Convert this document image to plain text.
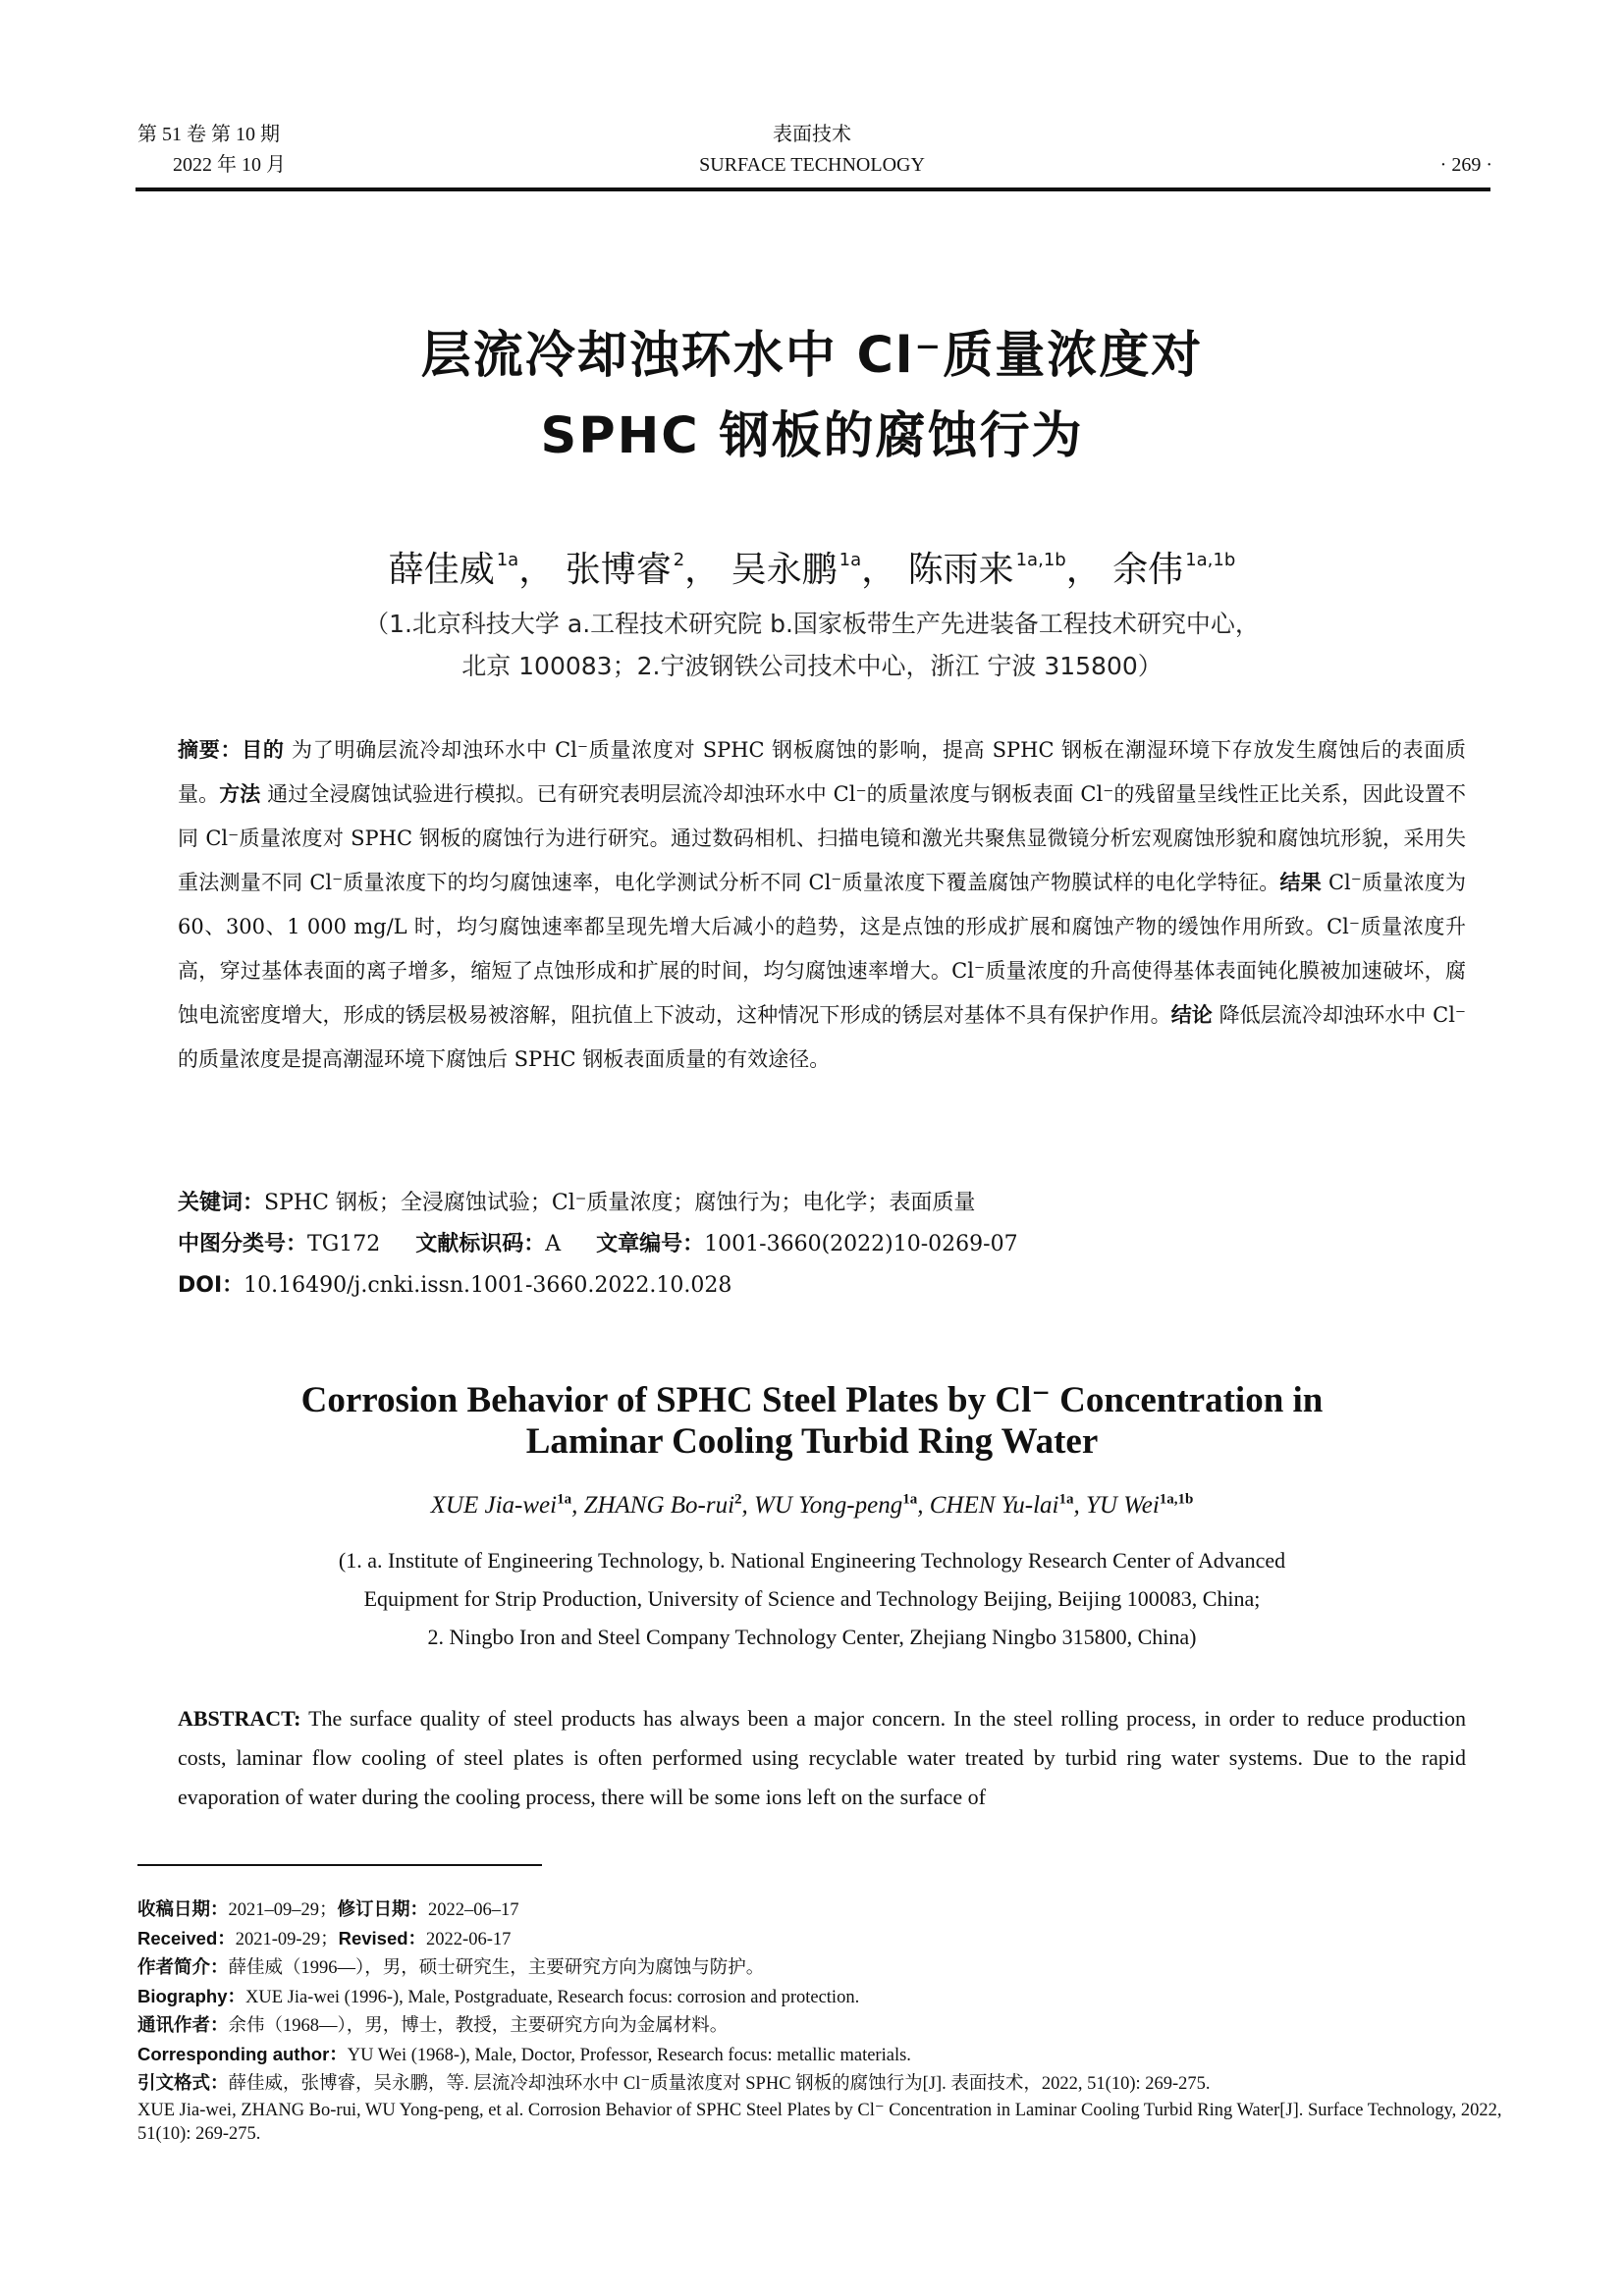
第 51 卷 第 10 期
2022 年 10 月
表面技术
SURFACE TECHNOLOGY	· 269 ·
层流冷却浊环水中 Cl⁻质量浓度对
SPHC 钢板的腐蚀行为
薛佳威 $^{1a}$， 张博睿 $^2$， 吴永鹏 $^{1a}$， 陈雨来 $^{1a,1b}$， 余伟 $^{1a,1b}$
（1.北京科技大学 a.工程技术研究院 b.国家板带生产先进装备工程技术研究中心，
北京 100083；2.宁波钢铁公司技术中心，浙江 宁波 315800）
摘要：目的 为了明确层流冷却浊环水中 Cl⁻质量浓度对 SPHC 钢板腐蚀的影响，提高 SPHC 钢板在潮湿环境下存放发生腐蚀后的表面质量。方法 通过全浸腐蚀试验进行模拟。已有研究表明层流冷却浊环水中 Cl⁻的质量浓度与钢板表面 Cl⁻的残留量呈线性正比关系，因此设置不同 Cl⁻质量浓度对 SPHC 钢板的腐蚀行为进行研究。通过数码相机、扫描电镜和激光共聚焦显微镜分析宏观腐蚀形貌和腐蚀坑形貌，采用失重法测量不同 Cl⁻质量浓度下的均匀腐蚀速率，电化学测试分析不同 Cl⁻质量浓度下覆盖腐蚀产物膜试样的电化学特征。结果 Cl⁻质量浓度为 60、300、1 000 mg/L 时，均匀腐蚀速率都呈现先增大后减小的趋势，这是点蚀的形成扩展和腐蚀产物的缓蚀作用所致。Cl⁻质量浓度升高，穿过基体表面的离子增多，缩短了点蚀形成和扩展的时间，均匀腐蚀速率增大。Cl⁻质量浓度的升高使得基体表面钝化膜被加速破坏，腐蚀电流密度增大，形成的锈层极易被溶解，阻抗值上下波动，这种情况下形成的锈层对基体不具有保护作用。结论 降低层流冷却浊环水中 Cl⁻的质量浓度是提高潮湿环境下腐蚀后 SPHC 钢板表面质量的有效途径。
关键词：SPHC 钢板；全浸腐蚀试验；Cl⁻质量浓度；腐蚀行为；电化学；表面质量
中图分类号：TG172 文献标识码：A 文章编号：1001-3660(2022)10-0269-07
DOI：10.16490/j.cnki.issn.1001-3660.2022.10.028
Corrosion Behavior of SPHC Steel Plates by Cl⁻ Concentration in
Laminar Cooling Turbid Ring Water
XUE Jia-wei$^{1a}$, ZHANG Bo-rui$^2$, WU Yong-peng$^{1a}$, CHEN Yu-lai$^{1a}$, YU Wei$^{1a,1b}$
(1. a. Institute of Engineering Technology, b. National Engineering Technology Research Center of Advanced
Equipment for Strip Production, University of Science and Technology Beijing, Beijing 100083, China;
2. Ningbo Iron and Steel Company Technology Center, Zhejiang Ningbo 315800, China)
ABSTRACT: The surface quality of steel products has always been a major concern. In the steel rolling process, in order to reduce production costs, laminar flow cooling of steel plates is often performed using recyclable water treated by turbid ring water systems. Due to the rapid evaporation of water during the cooling process, there will be some ions left on the surface of

收稿日期：2021–09–29；修订日期：2022–06–17

Received：2021-09-29；Revised：2022-06-17

作者简介：薛佳威（1996—），男，硕士研究生，主要研究方向为腐蚀与防护。

Biography：XUE Jia-wei (1996-), Male, Postgraduate, Research focus: corrosion and protection.

通讯作者：余伟（1968—），男，博士，教授，主要研究方向为金属材料。

Corresponding author：YU Wei (1968-), Male, Doctor, Professor, Research focus: metallic materials.

引文格式：薛佳威，张博睿，吴永鹏，等. 层流冷却浊环水中 Cl⁻质量浓度对 SPHC 钢板的腐蚀行为[J]. 表面技术，2022, 51(10): 269-275.

XUE Jia-wei, ZHANG Bo-rui, WU Yong-peng, et al. Corrosion Behavior of SPHC Steel Plates by Cl⁻ Concentration in Laminar Cooling Turbid Ring Water[J]. Surface Technology, 2022, 51(10): 269-275.
